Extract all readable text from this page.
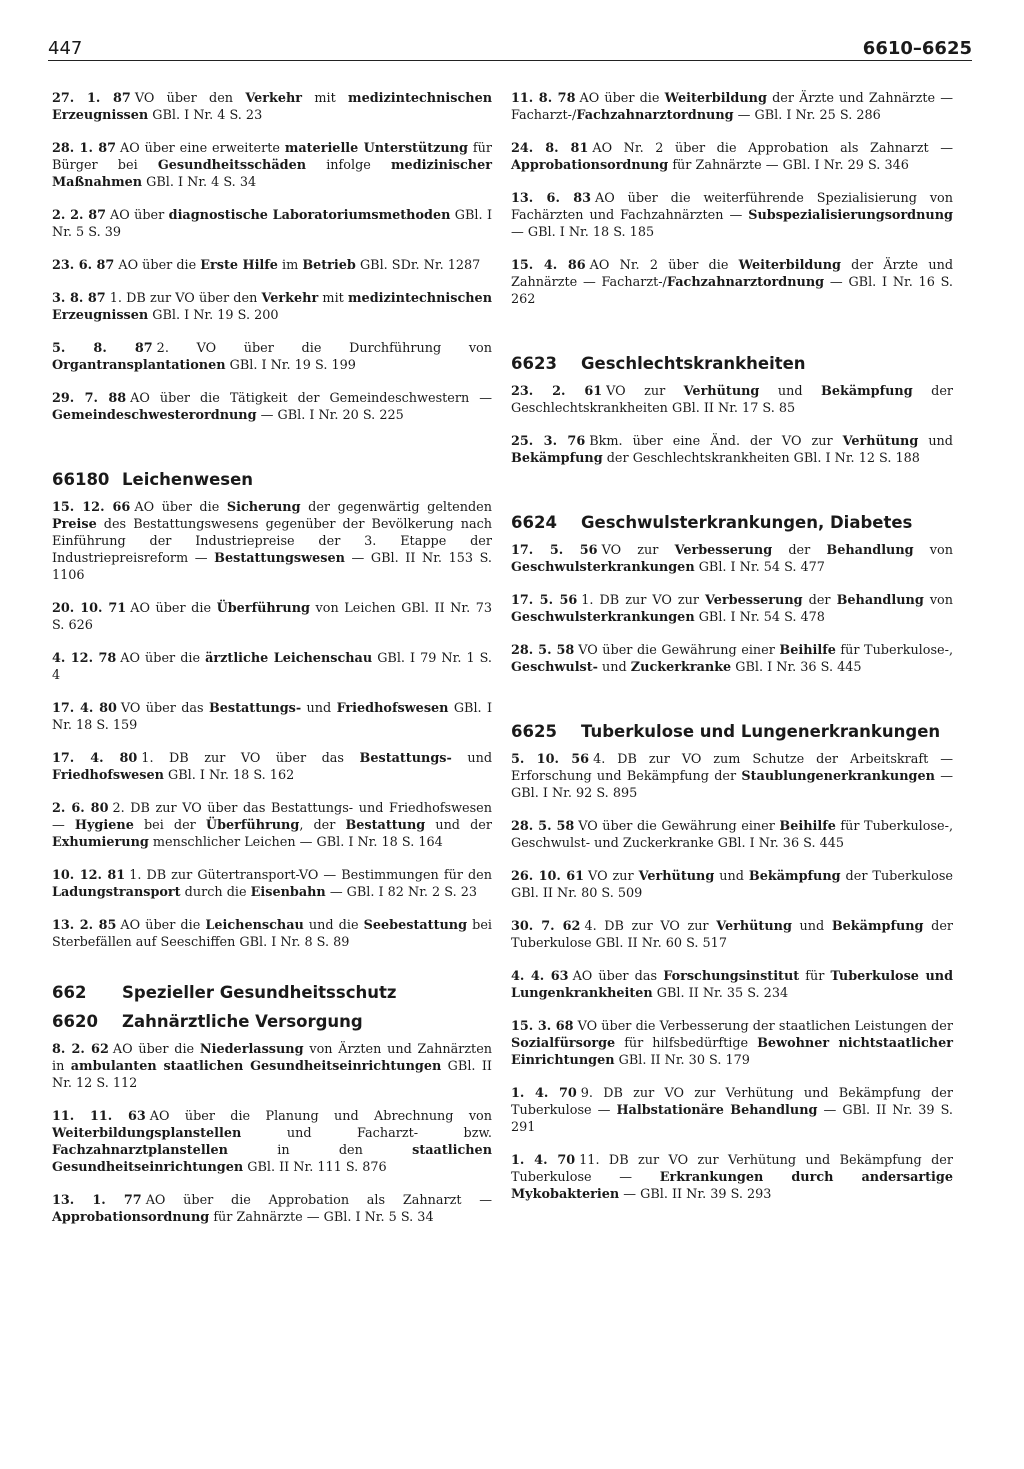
447	6610–6625

27. 1. 87 VO über den Verkehr mit medizintechnischen Erzeugnissen GBl. I Nr. 4 S. 23

28. 1. 87 AO über eine erweiterte materielle Unterstützung für Bürger bei Gesundheitsschäden infolge medizinischer Maßnahmen GBl. I Nr. 4 S. 34

2. 2. 87 AO über diagnostische Laboratoriumsmethoden GBl. I Nr. 5 S. 39

23. 6. 87 AO über die Erste Hilfe im Betrieb GBl. SDr. Nr. 1287

3. 8. 87 1. DB zur VO über den Verkehr mit medizintechnischen Erzeugnissen GBl. I Nr. 19 S. 200

5. 8. 87 2. VO über die Durchführung von Organtransplantationen GBl. I Nr. 19 S. 199

29. 7. 88 AO über die Tätigkeit der Gemeindeschwestern — Gemeindeschwesterordnung — GBl. I Nr. 20 S. 225

66180 Leichenwesen

15. 12. 66 AO über die Sicherung der gegenwärtig geltenden Preise des Bestattungswesens gegenüber der Bevölkerung nach Einführung der Industriepreise der 3. Etappe der Industriepreisreform — Bestattungswesen — GBl. II Nr. 153 S. 1106

20. 10. 71 AO über die Überführung von Leichen GBl. II Nr. 73 S. 626

4. 12. 78 AO über die ärztliche Leichenschau GBl. I 79 Nr. 1 S. 4

17. 4. 80 VO über das Bestattungs- und Friedhofswesen GBl. I Nr. 18 S. 159

17. 4. 80 1. DB zur VO über das Bestattungs- und Friedhofswesen GBl. I Nr. 18 S. 162

2. 6. 80 2. DB zur VO über das Bestattungs- und Friedhofswesen — Hygiene bei der Überführung, der Bestattung und der Exhumierung menschlicher Leichen — GBl. I Nr. 18 S. 164

10. 12. 81 1. DB zur Gütertransport-VO — Bestimmungen für den Ladungstransport durch die Eisenbahn — GBl. I 82 Nr. 2 S. 23

13. 2. 85 AO über die Leichenschau und die Seebestattung bei Sterbefällen auf Seeschiffen GBl. I Nr. 8 S. 89

662	Spezieller Gesundheitsschutz
6620	Zahnärztliche Versorgung

8. 2. 62 AO über die Niederlassung von Ärzten und Zahnärzten in ambulanten staatlichen Gesundheitseinrichtungen GBl. II Nr. 12 S. 112

11. 11. 63 AO über die Planung und Abrechnung von Weiterbildungsplanstellen und Facharzt- bzw. Fachzahnarztplanstellen in den staatlichen Gesundheitseinrichtungen GBl. II Nr. 111 S. 876

13. 1. 77 AO über die Approbation als Zahnarzt — Approbationsordnung für Zahnärzte — GBl. I Nr. 5 S. 34

11. 8. 78 AO über die Weiterbildung der Ärzte und Zahnärzte — Facharzt-/Fachzahnarztordnung — GBl. I Nr. 25 S. 286

24. 8. 81 AO Nr. 2 über die Approbation als Zahnarzt — Approbationsordnung für Zahnärzte — GBl. I Nr. 29 S. 346

13. 6. 83 AO über die weiterführende Spezialisierung von Fachärzten und Fachzahnärzten — Subspezialisierungsordnung — GBl. I Nr. 18 S. 185

15. 4. 86 AO Nr. 2 über die Weiterbildung der Ärzte und Zahnärzte — Facharzt-/Fachzahnarztordnung — GBl. I Nr. 16 S. 262

6623	Geschlechtskrankheiten

23. 2. 61 VO zur Verhütung und Bekämpfung der Geschlechtskrankheiten GBl. II Nr. 17 S. 85

25. 3. 76 Bkm. über eine Änd. der VO zur Verhütung und Bekämpfung der Geschlechtskrankheiten GBl. I Nr. 12 S. 188

6624	Geschwulsterkrankungen, Diabetes

17. 5. 56 VO zur Verbesserung der Behandlung von Geschwulsterkrankungen GBl. I Nr. 54 S. 477

17. 5. 56 1. DB zur VO zur Verbesserung der Behandlung von Geschwulsterkrankungen GBl. I Nr. 54 S. 478

28. 5. 58 VO über die Gewährung einer Beihilfe für Tuberkulose-, Geschwulst- und Zuckerkranke GBl. I Nr. 36 S. 445

6625	Tuberkulose und Lungenerkrankungen

5. 10. 56 4. DB zur VO zum Schutze der Arbeitskraft — Erforschung und Bekämpfung der Staublungenerkrankungen — GBl. I Nr. 92 S. 895

28. 5. 58 VO über die Gewährung einer Beihilfe für Tuberkulose-, Geschwulst- und Zuckerkranke GBl. I Nr. 36 S. 445

26. 10. 61 VO zur Verhütung und Bekämpfung der Tuberkulose GBl. II Nr. 80 S. 509

30. 7. 62 4. DB zur VO zur Verhütung und Bekämpfung der Tuberkulose GBl. II Nr. 60 S. 517

4. 4. 63 AO über das Forschungsinstitut für Tuberkulose und Lungenkrankheiten GBl. II Nr. 35 S. 234

15. 3. 68 VO über die Verbesserung der staatlichen Leistungen der Sozialfürsorge für hilfsbedürftige Bewohner nichtstaatlicher Einrichtungen GBl. II Nr. 30 S. 179

1. 4. 70 9. DB zur VO zur Verhütung und Bekämpfung der Tuberkulose — Halbstationäre Behandlung — GBl. II Nr. 39 S. 291

1. 4. 70 11. DB zur VO zur Verhütung und Bekämpfung der Tuberkulose — Erkrankungen durch andersartige Mykobakterien — GBl. II Nr. 39 S. 293
